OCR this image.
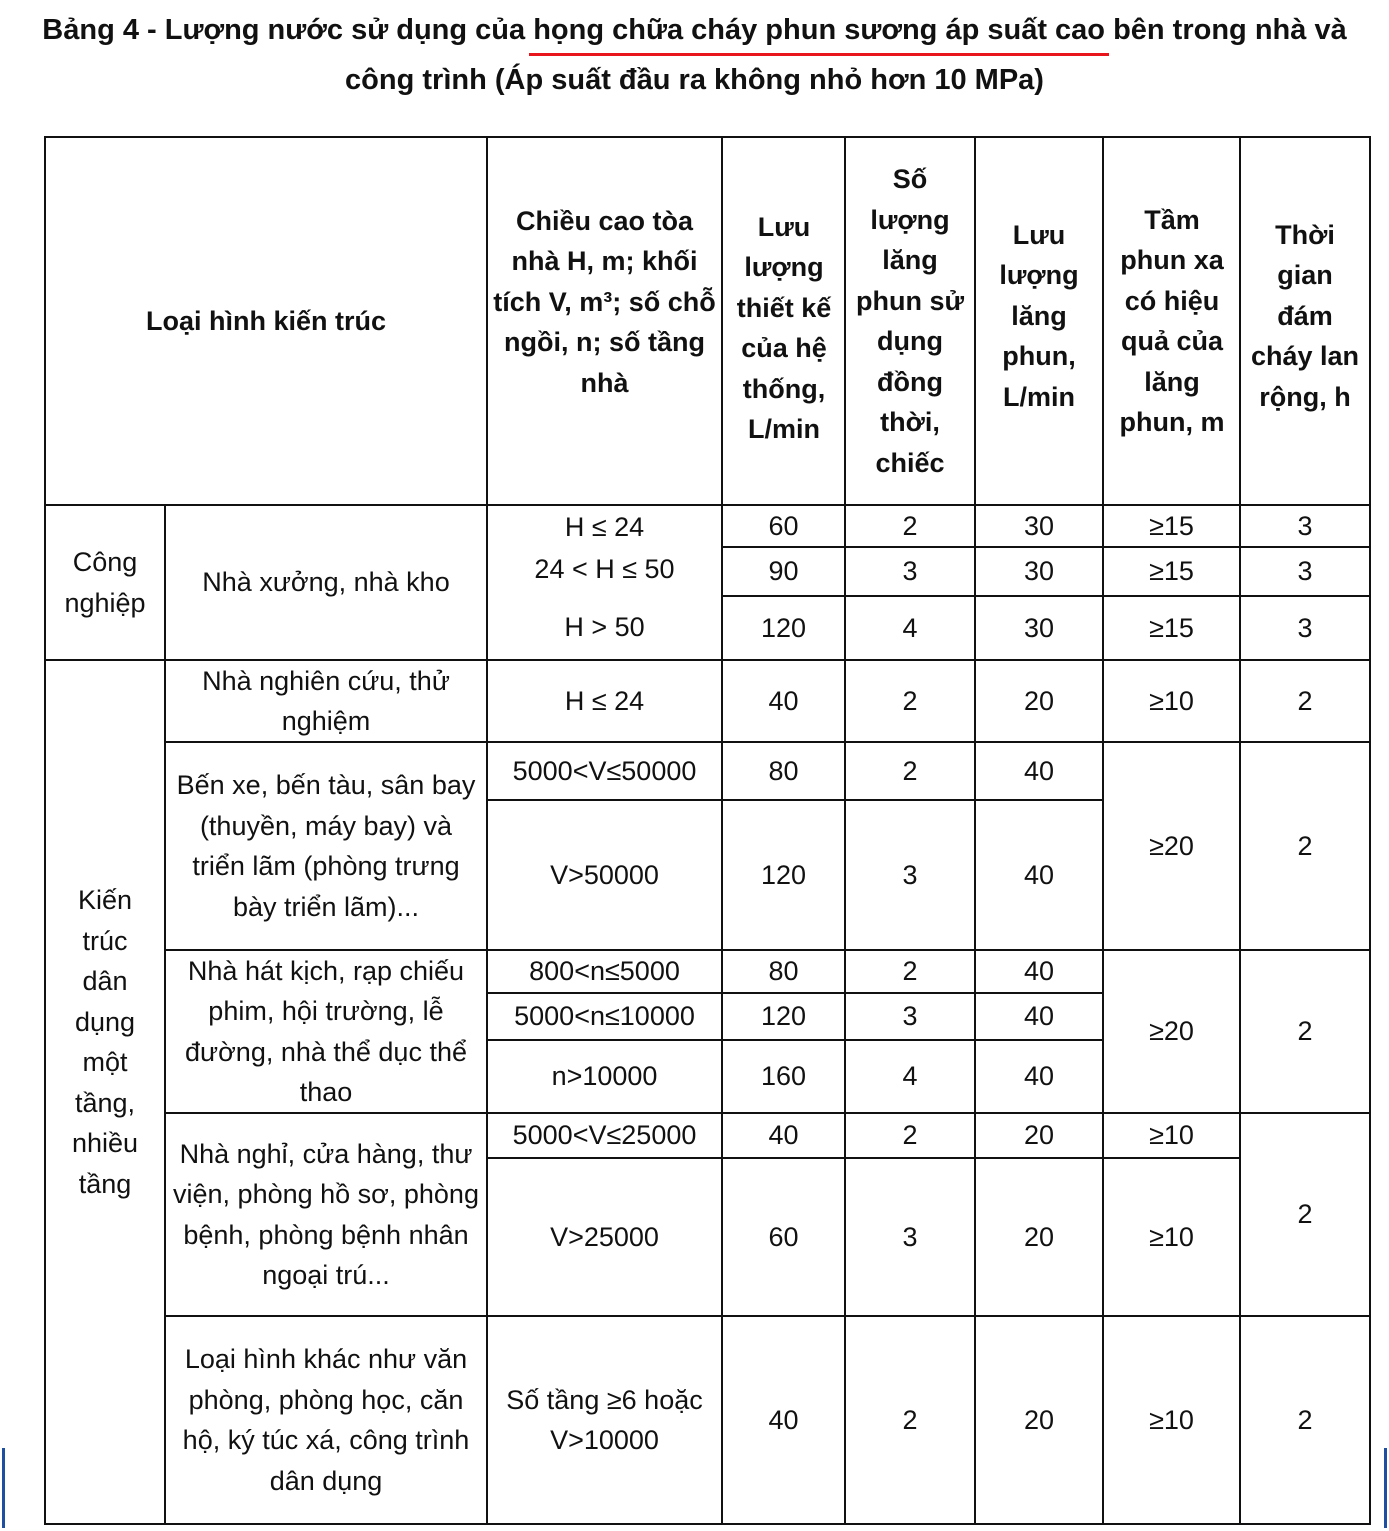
Bảng 4 - Lượng nước sử dụng của họng chữa cháy phun sương áp suất cao bên trong nhà và
công trình (Áp suất đầu ra không nhỏ hơn 10 MPa)
Loại hình kiến trúc
Chiều cao tòa nhà H, m; khối tích V, m³; số chỗ ngồi, n; số tầng nhà
Lưu lượng thiết kế của hệ thống, L/min
Số lượng lăng phun sử dụng đồng thời, chiếc
Lưu lượng lăng phun, L/min
Tầm phun xa có hiệu quả của lăng phun, m
Thời gian đám cháy lan rộng, h
Công nghiệp
Kiến trúc dân dụng một tầng, nhiều tầng
Nhà xưởng, nhà kho
Nhà nghiên cứu, thử nghiệm
Bến xe, bến tàu, sân bay (thuyền, máy bay) và triển lãm (phòng trưng bày triển lãm)...
Nhà hát kịch, rạp chiếu phim, hội trường, lễ đường, nhà thể dục thể thao
Nhà nghỉ, cửa hàng, thư viện, phòng hồ sơ, phòng bệnh, phòng bệnh nhân ngoại trú...
Loại hình khác như văn phòng, phòng học, căn hộ, ký túc xá, công trình dân dụng
H ≤ 24
24 < H ≤ 50
H > 50
H ≤ 24
5000<V≤50000
V>50000
800<n≤5000
5000<n≤10000
n>10000
5000<V≤25000
V>25000
Số tầng ≥6 hoặc V>10000
60
90
120
40
80
120
80
120
160
40
60
40
2
3
4
2
2
3
2
3
4
2
3
2
30
30
30
20
40
40
40
40
40
20
20
20
≥15
≥15
≥15
≥10
≥20
≥20
≥10
≥10
≥10
3
3
3
2
2
2
2
2
